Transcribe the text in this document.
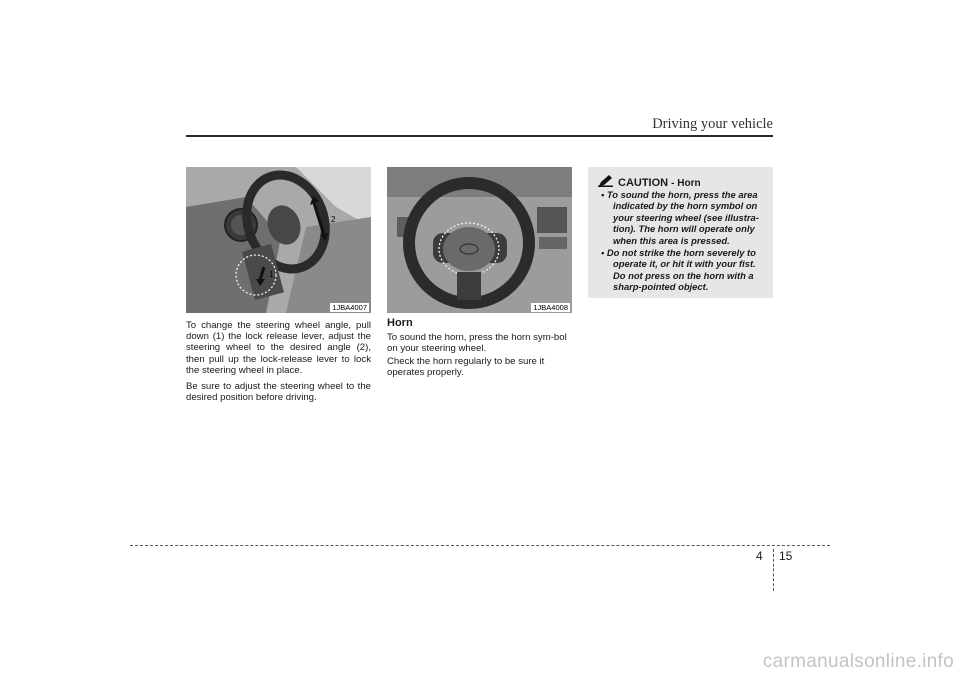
Driving your vehicle
2
1
1JBA4007	1JBA4008

To change the steering wheel angle, pull down (1) the lock release lever, adjust the steering wheel to the desired angle (2), then pull up the lock-release lever to lock the steering wheel in place.

Be sure to adjust the steering wheel to the desired position before driving.

Horn

To sound the horn, press the horn sym-bol on your steering wheel.

Check the horn regularly to be sure it operates properly.

CAUTION - Horn
• To sound the horn, press the area indicated by the horn symbol on your steering wheel (see illustra-tion). The horn will operate only when this area is pressed.
• Do not strike the horn severely to operate it, or hit it with your fist. Do not press on the horn with a sharp-pointed object.
4 15
carmanualsonline.info
